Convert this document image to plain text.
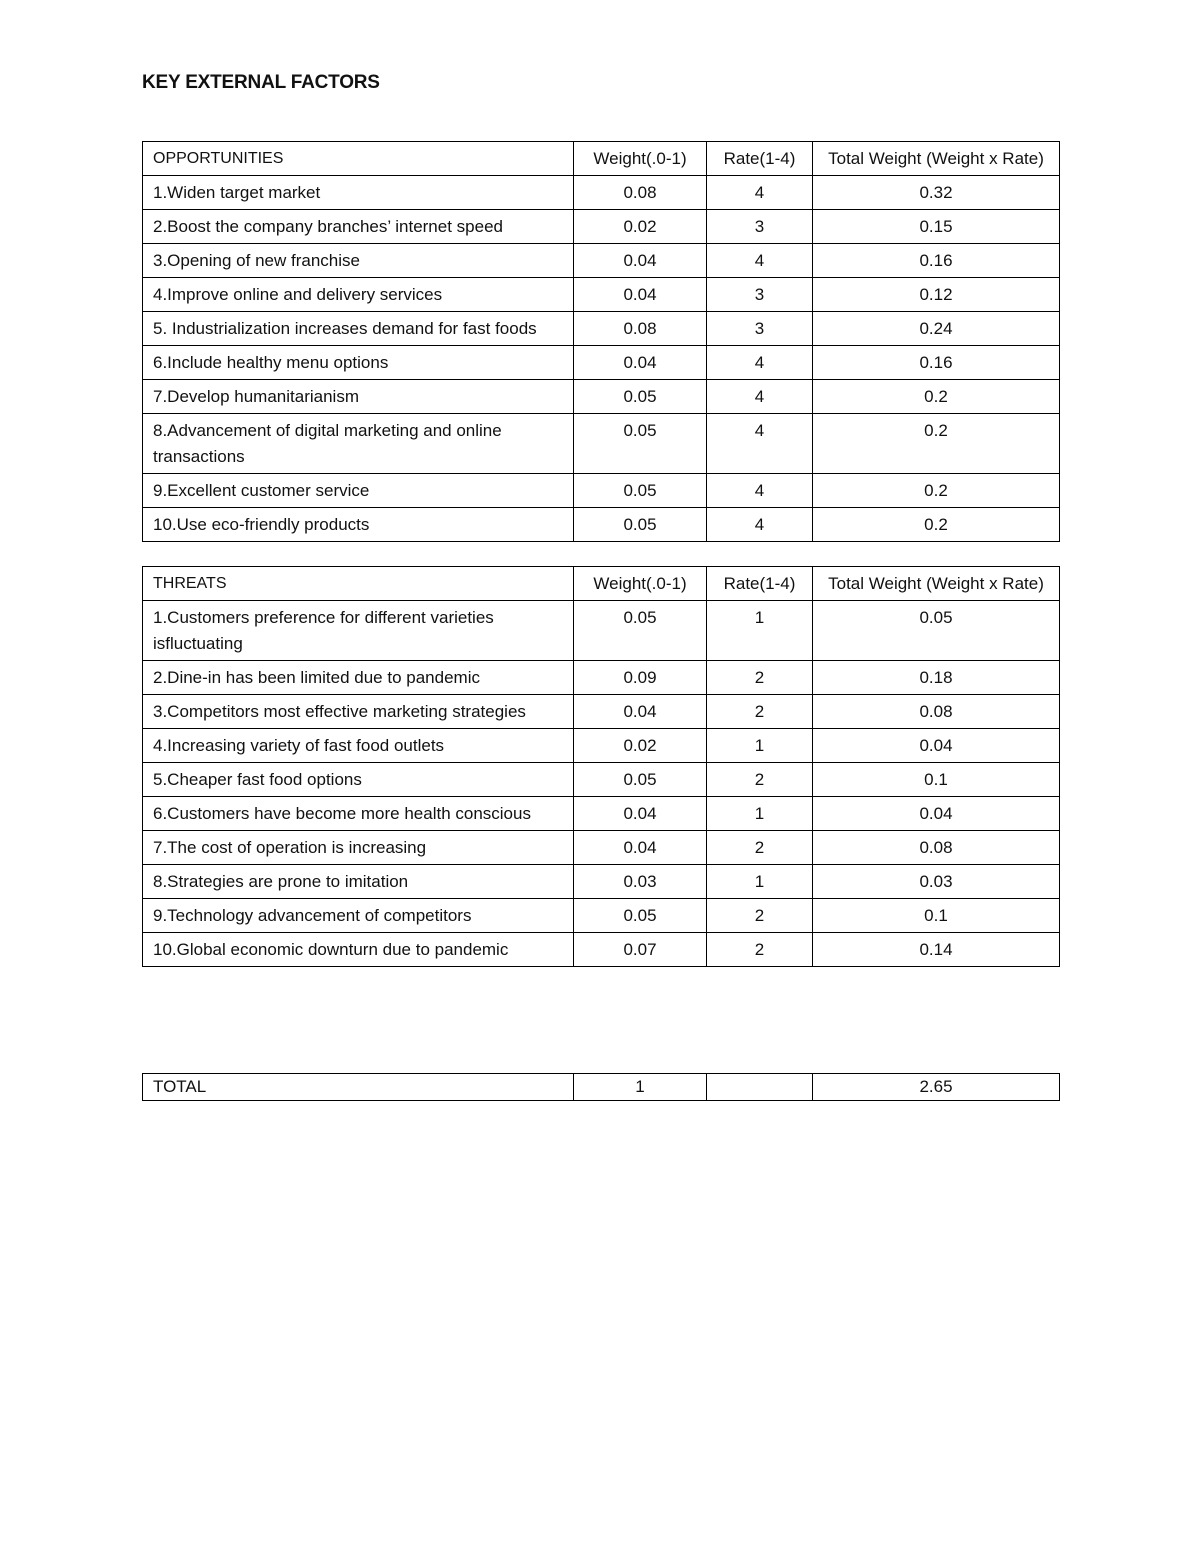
KEY EXTERNAL FACTORS
OPPORTUNITIES	Weight(.0-1)	Rate(1-4)	Total Weight (Weight x Rate)
1.Widen target market	0.08	4	0.32
2.Boost the company branches’ internet speed	0.02	3	0.15
3.Opening of new franchise	0.04	4	0.16
4.Improve online and delivery services	0.04	3	0.12
5. Industrialization increases demand for fast foods	0.08	3	0.24
6.Include healthy menu options	0.04	4	0.16
7.Develop humanitarianism	0.05	4	0.2
8.Advancement of digital marketing and online transactions	0.05	4	0.2
9.Excellent customer service	0.05	4	0.2
10.Use eco-friendly products	0.05	4	0.2
THREATS	Weight(.0-1)	Rate(1-4)	Total Weight (Weight x Rate)
1.Customers preference for different varieties isfluctuating	0.05	1	0.05
2.Dine-in has been limited due to pandemic	0.09	2	0.18
3.Competitors most effective marketing strategies	0.04	2	0.08
4.Increasing variety of fast food outlets	0.02	1	0.04
5.Cheaper fast food options	0.05	2	0.1
6.Customers have become more health conscious	0.04	1	0.04
7.The cost of operation is increasing	0.04	2	0.08
8.Strategies are prone to imitation	0.03	1	0.03
9.Technology advancement of competitors	0.05	2	0.1
10.Global economic downturn due to pandemic	0.07	2	0.14
TOTAL	1		2.65
